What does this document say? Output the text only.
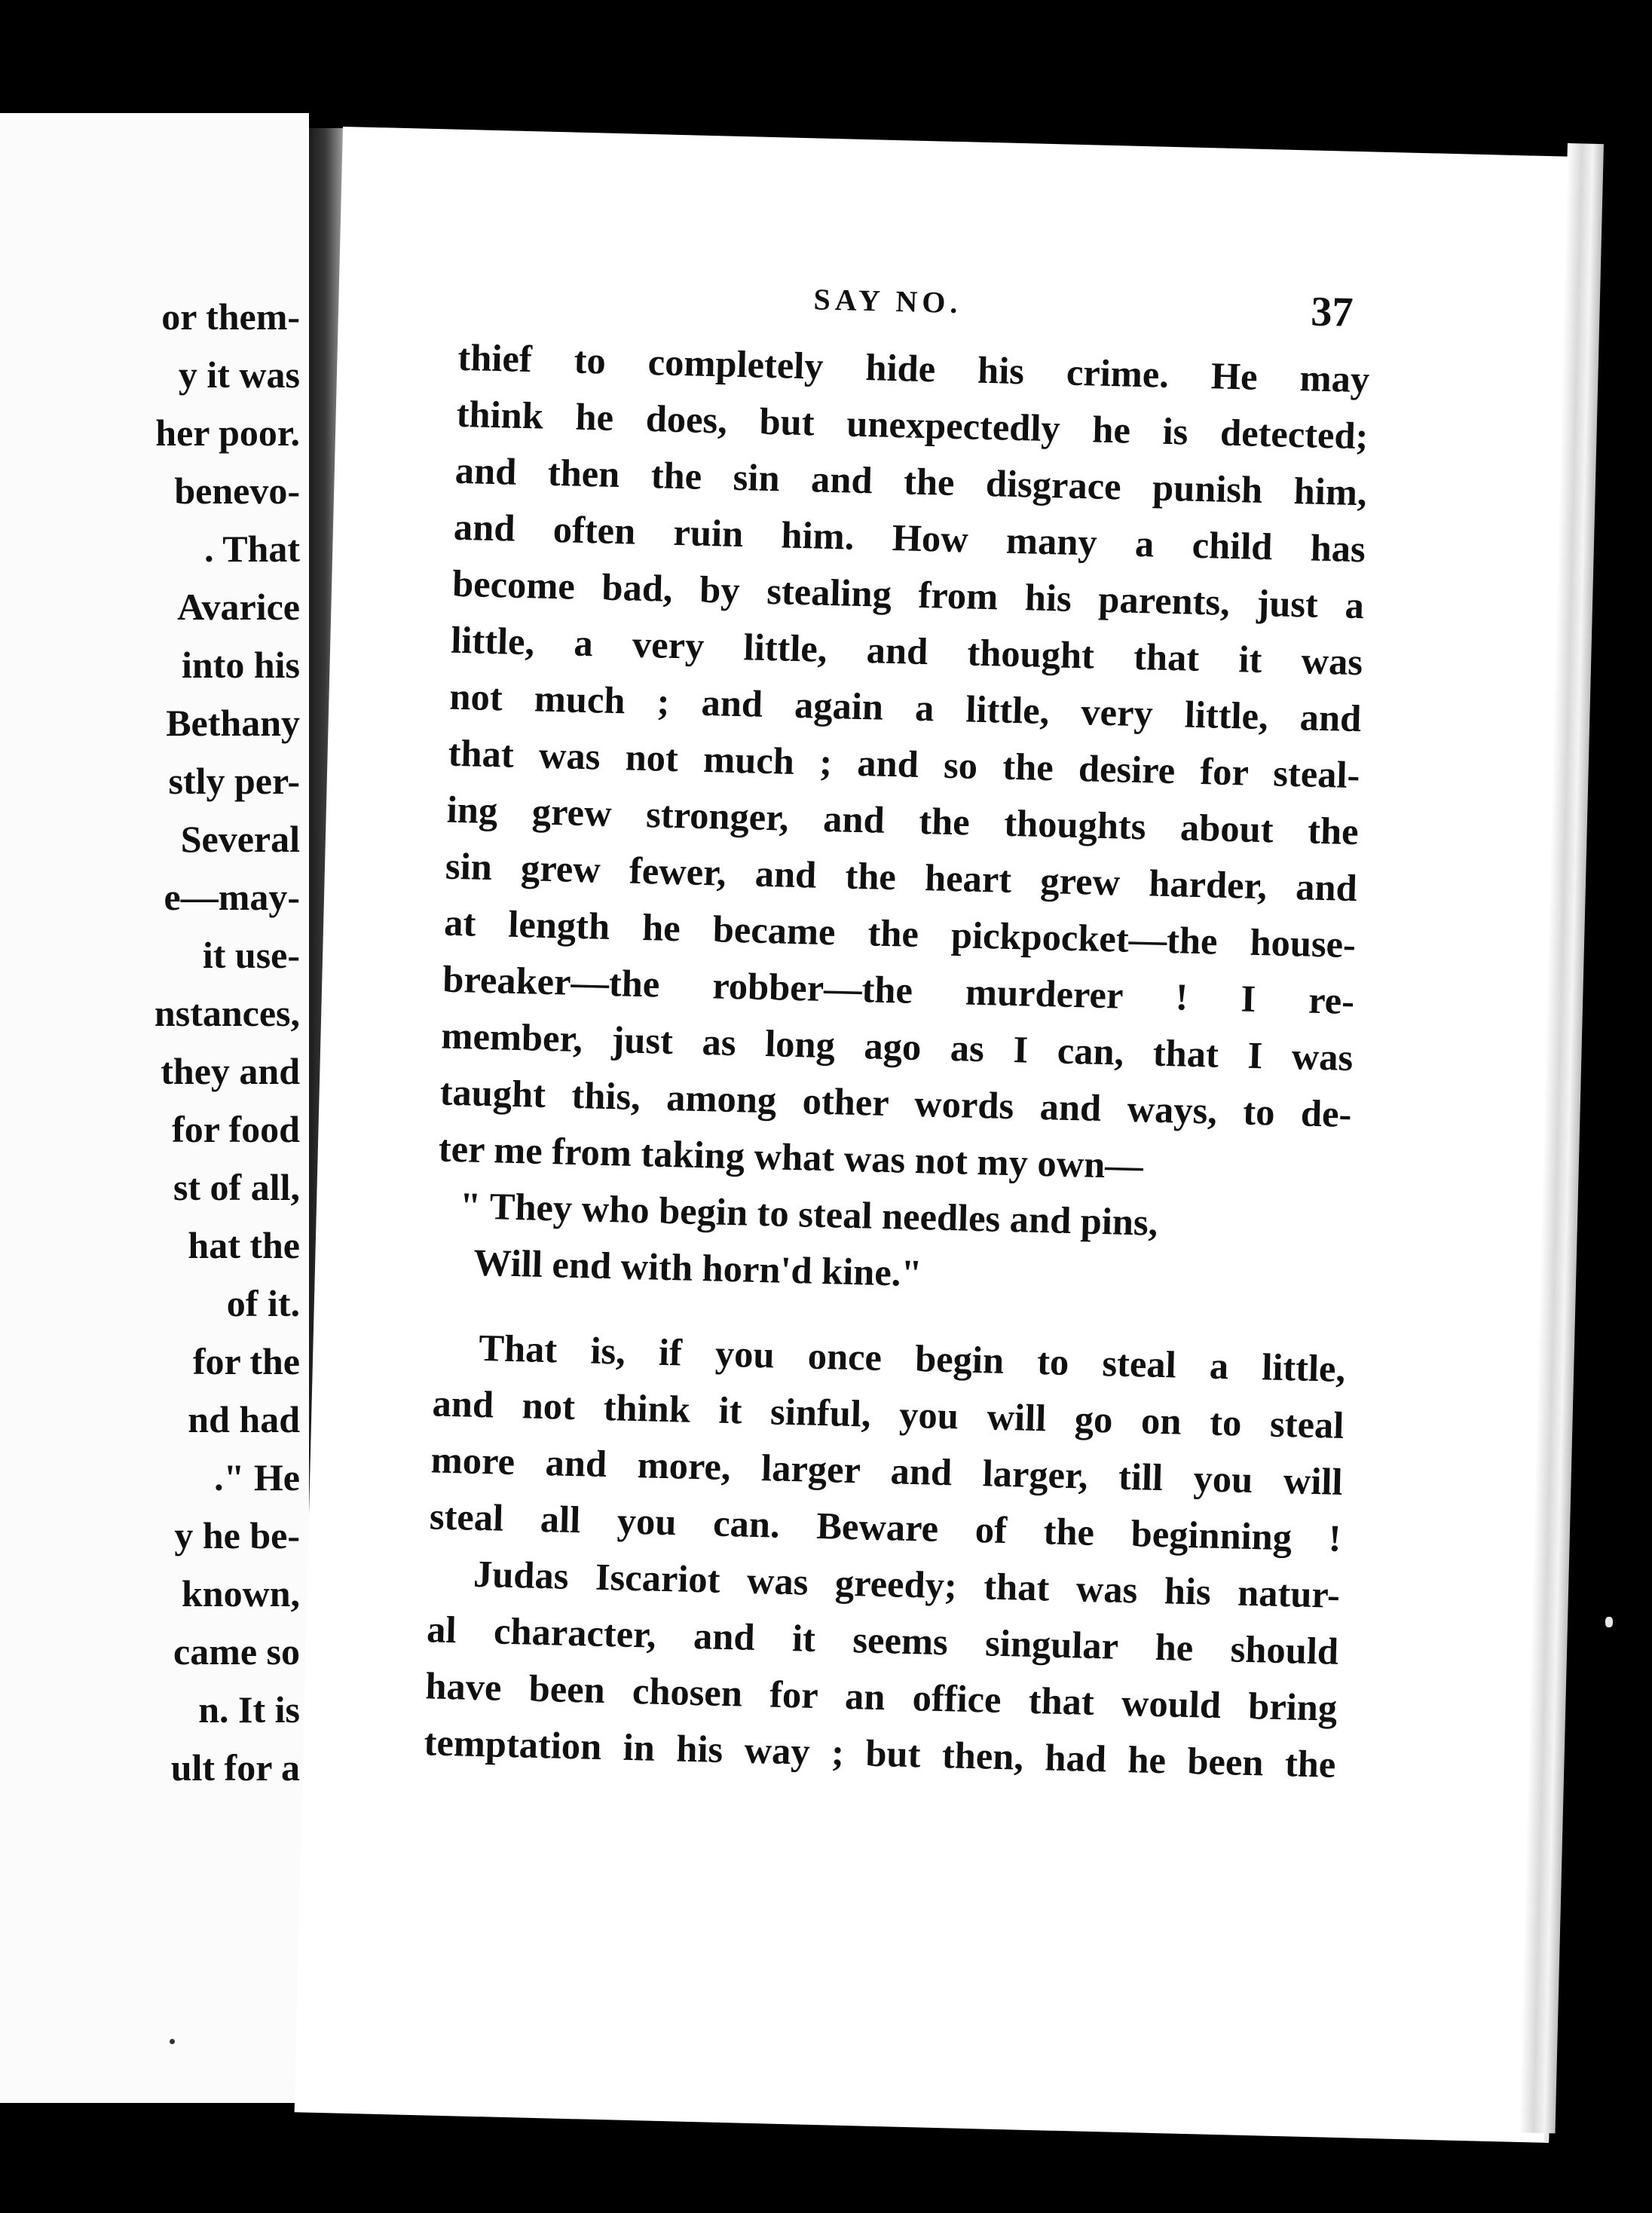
or them-
y it was
her poor.
benevo-
. That
Avarice
into his
Bethany
stly per-
Several
e—may-
it use-
nstances,
they and
for food
st of all,
hat the
of it.
for the
nd had
." He
y he be-
known,
came so
n. It is
ult for a
SAY NO.	37
thief to completely hide his crime. He may
think he does, but unexpectedly he is detected;
and then the sin and the disgrace punish him,
and often ruin him. How many a child has
become bad, by stealing from his parents, just a
little, a very little, and thought that it was
not much ; and again a little, very little, and
that was not much ; and so the desire for steal-
ing grew stronger, and the thoughts about the
sin grew fewer, and the heart grew harder, and
at length he became the pickpocket—the house-
breaker—the robber—the murderer ! I re-
member, just as long ago as I can, that I was
taught this, among other words and ways, to de-
ter me from taking what was not my own—
" They who begin to steal needles and pins,
Will end with horn'd kine."
That is, if you once begin to steal a little,
and not think it sinful, you will go on to steal
more and more, larger and larger, till you will
steal all you can. Beware of the beginning !
Judas Iscariot was greedy; that was his natur-
al character, and it seems singular he should
have been chosen for an office that would bring
temptation in his way ; but then, had he been the
